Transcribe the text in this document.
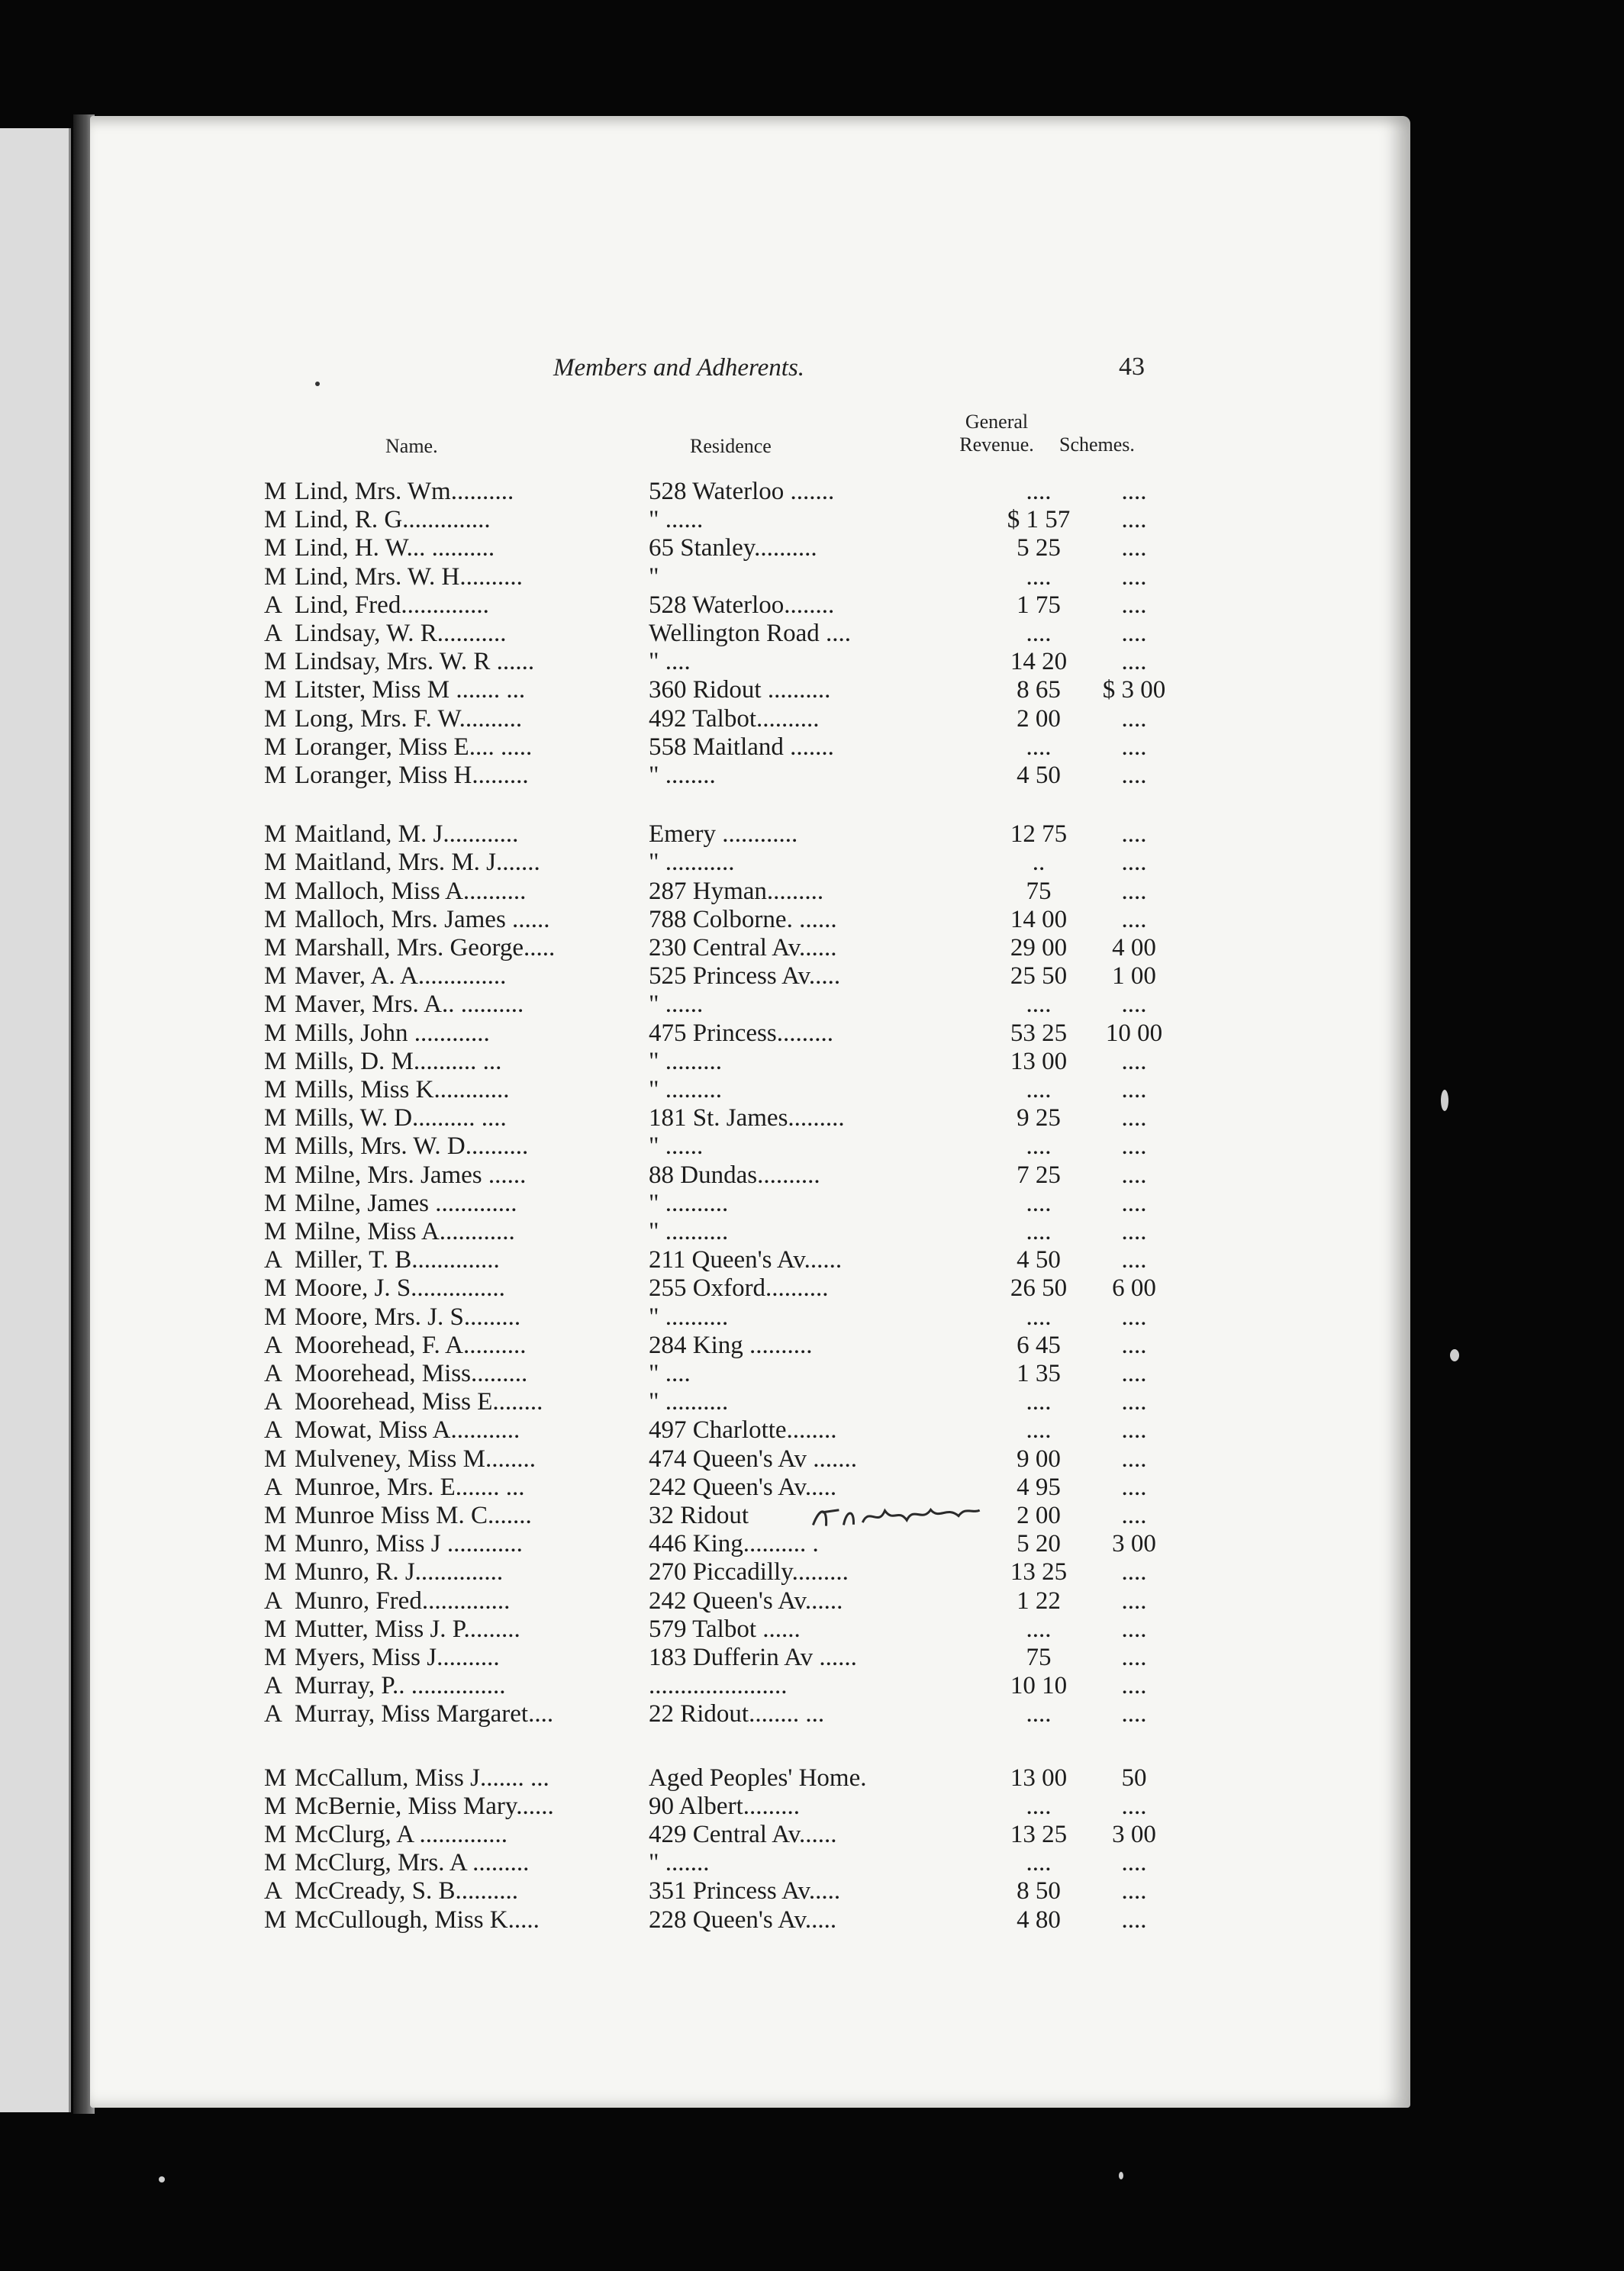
Members and Adherents.	43
Name.	Residence
General Revenue.	Schemes.
M Lind, Mrs. Wm..........	528 Waterloo .......	....	....
M Lind, R. G..............	" ......	$ 1 57	....
M Lind, H. W... ..........	65 Stanley..........	5 25	....
M Lind, Mrs. W. H..........	"	....	....
A Lind, Fred..............	528 Waterloo........	1 75	....
A Lindsay, W. R...........	Wellington Road ....	....	....
M Lindsay, Mrs. W. R ......	" ....	14 20	....
M Litster, Miss M ....... ...	360 Ridout ..........	8 65	$ 3 00
M Long, Mrs. F. W..........	492 Talbot..........	2 00	....
M Loranger, Miss E.... .....	558 Maitland .......	....	....
M Loranger, Miss H.........	" ........	4 50	....
M Maitland, M. J............	Emery ............	12 75	....
M Maitland, Mrs. M. J.......	" ...........	..	....
M Malloch, Miss A..........	287 Hyman.........	75	....
M Malloch, Mrs. James ......	788 Colborne. ......	14 00	....
M Marshall, Mrs. George.....	230 Central Av......	29 00	4 00
M Maver, A. A..............	525 Princess Av.....	25 50	1 00
M Maver, Mrs. A.. ..........	" ......	....	....
M Mills, John ............	475 Princess.........	53 25	10 00
M Mills, D. M.......... ...	" .........	13 00	....
M Mills, Miss K............	" .........	....	....
M Mills, W. D.......... ....	181 St. James.........	9 25	....
M Mills, Mrs. W. D..........	" ......	....	....
M Milne, Mrs. James ......	88 Dundas..........	7 25	....
M Milne, James .............	" ..........	....	....
M Milne, Miss A............	" ..........	....	....
A Miller, T. B..............	211 Queen's Av......	4 50	....
M Moore, J. S...............	255 Oxford..........	26 50	6 00
M Moore, Mrs. J. S.........	" ..........	....	....
A Moorehead, F. A..........	284 King ..........	6 45	....
A Moorehead, Miss.........	" ....	1 35	....
A Moorehead, Miss E........	" ..........	....	....
A Mowat, Miss A...........	497 Charlotte........	....	....
M Mulveney, Miss M........	474 Queen's Av .......	9 00	....
A Munroe, Mrs. E....... ...	242 Queen's Av.....	4 95	....
M Munroe Miss M. C.......	32 Ridout	2 00	....
M Munro, Miss J ............	446 King.......... .	5 20	3 00
M Munro, R. J..............	270 Piccadilly.........	13 25	....
A Munro, Fred..............	242 Queen's Av......	1 22	....
M Mutter, Miss J. P.........	579 Talbot ......	....	....
M Myers, Miss J..........	183 Dufferin Av ......	75	....
A Murray, P.. ...............	......................	10 10	....
A Murray, Miss Margaret....	22 Ridout........ ...	....	....
M McCallum, Miss J....... ...	Aged Peoples' Home.	13 00	50
M McBernie, Miss Mary......	90 Albert.........	....	....
M McClurg, A ..............	429 Central Av......	13 25	3 00
M McClurg, Mrs. A .........	" .......	....	....
A McCready, S. B..........	351 Princess Av.....	8 50	....
M McCullough, Miss K.....	228 Queen's Av.....	4 80	....
